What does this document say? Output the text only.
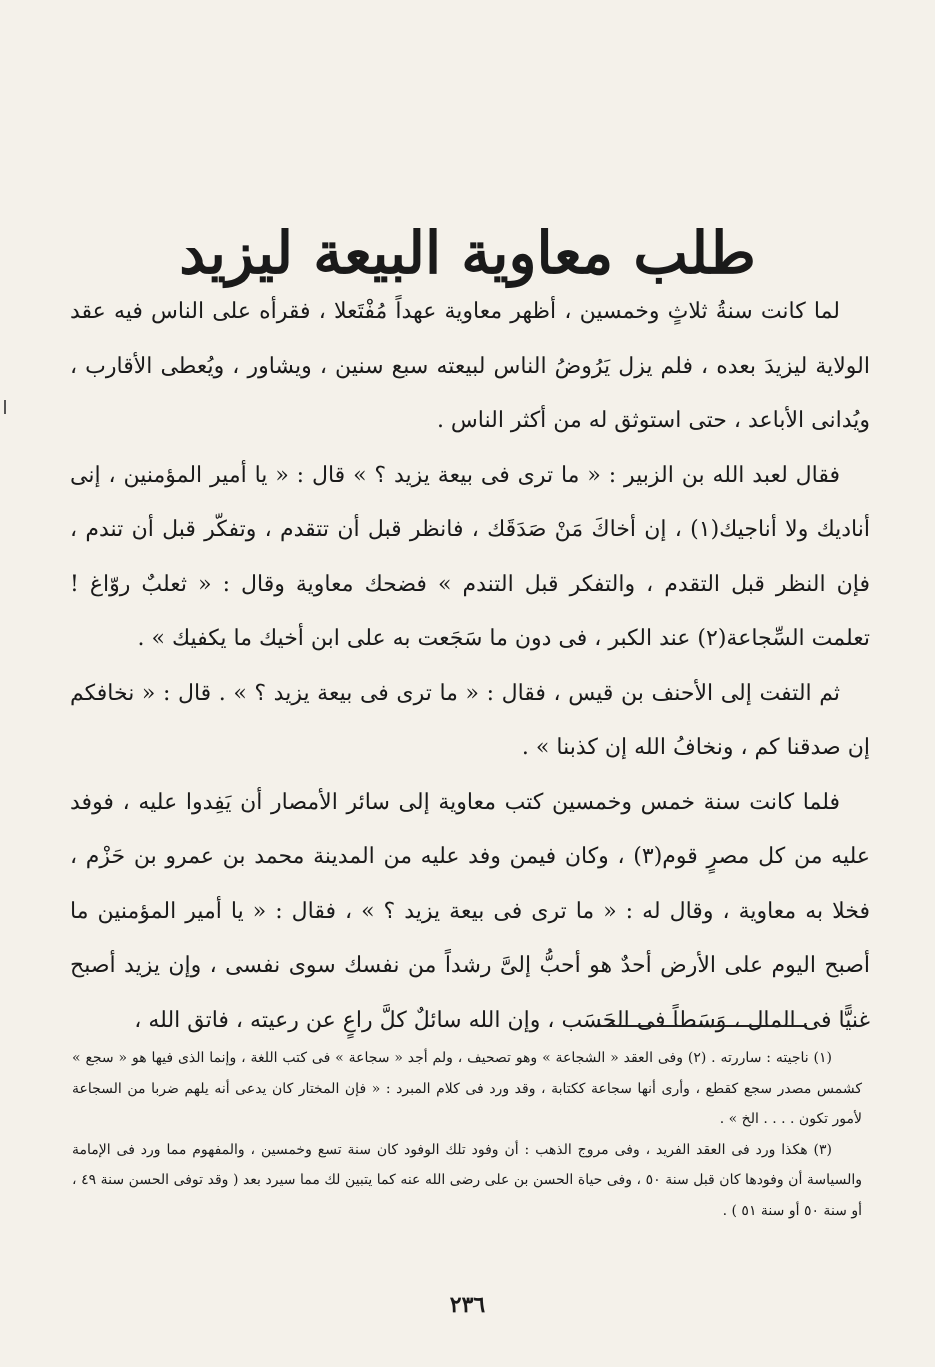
طلب معاوية البيعة ليزيد

لما كانت سنةُ ثلاثٍ وخمسين ، أظهر معاوية عهداً مُفْتَعلا ، فقرأه على الناس فيه عقد الولاية ليزيدَ بعده ، فلم يزل يَرُوضُ الناس لبيعته سبع سنين ، ويشاور ، ويُعطى الأقارب ، ويُدانى الأباعد ، حتى استوثق له من أكثر الناس .

فقال لعبد الله بن الزبير : « ما ترى فى بيعة يزيد ؟ » قال : « يا أمير المؤمنين ، إنى أناديك ولا أناجيك(١) ، إن أخاكَ مَنْ صَدَقَك ، فانظر قبل أن تتقدم ، وتفكّر قبل أن تندم ، فإن النظر قبل التقدم ، والتفكر قبل التندم » فضحك معاوية وقال : « ثعلبٌ روّاغ ! تعلمت السِّجاعة(٢) عند الكبر ، فى دون ما سَجَعت به على ابن أخيك ما يكفيك » .

ثم التفت إلى الأحنف بن قيس ، فقال : « ما ترى فى بيعة يزيد ؟ » . قال : « نخافكم إن صدقنا كم ، ونخافُ الله إن كذبنا » .

فلما كانت سنة خمس وخمسين كتب معاوية إلى سائر الأمصار أن يَفِدوا عليه ، فوفد عليه من كل مصرٍ قوم(٣) ، وكان فيمن وفد عليه من المدينة محمد بن عمرو بن حَزْم ، فخلا به معاوية ، وقال له : « ما ترى فى بيعة يزيد ؟ » ، فقال : « يا أمير المؤمنين ما أصبح اليوم على الأرض أحدٌ هو أحبُّ إلىَّ رشداً من نفسك سوى نفسى ، وإن يزيد أصبح غنيًّا فى المال ، وَسَطاً فى الحَسَب ، وإن الله سائلٌ كلَّ راعٍ عن رعيته ، فاتق الله ،

(١) ناجيته : ساررته . (٢) وفى العقد « الشجاعة » وهو تصحيف ، ولم أجد « سجاعة » فى كتب اللغة ، وإنما الذى فيها هو « سجع » كشمس مصدر سجع كقطع ، وأرى أنها سجاعة ككتابة ، وقد ورد فى كلام المبرد : « فإن المختار كان يدعى أنه يلهم ضربا من السجاعة لأمور تكون . . . . الخ » .

(٣) هكذا ورد فى العقد الفريد ، وفى مروج الذهب : أن وفود تلك الوفود كان سنة تسع وخمسين ، والمفهوم مما ورد فى الإمامة والسياسة أن وفودها كان قبل سنة ٥٠ ، وفى حياة الحسن بن على رضى الله عنه كما يتبين لك مما سيرد بعد ( وقد توفى الحسن سنة ٤٩ ، أو سنة ٥٠ أو سنة ٥١ ) .

٢٣٦
